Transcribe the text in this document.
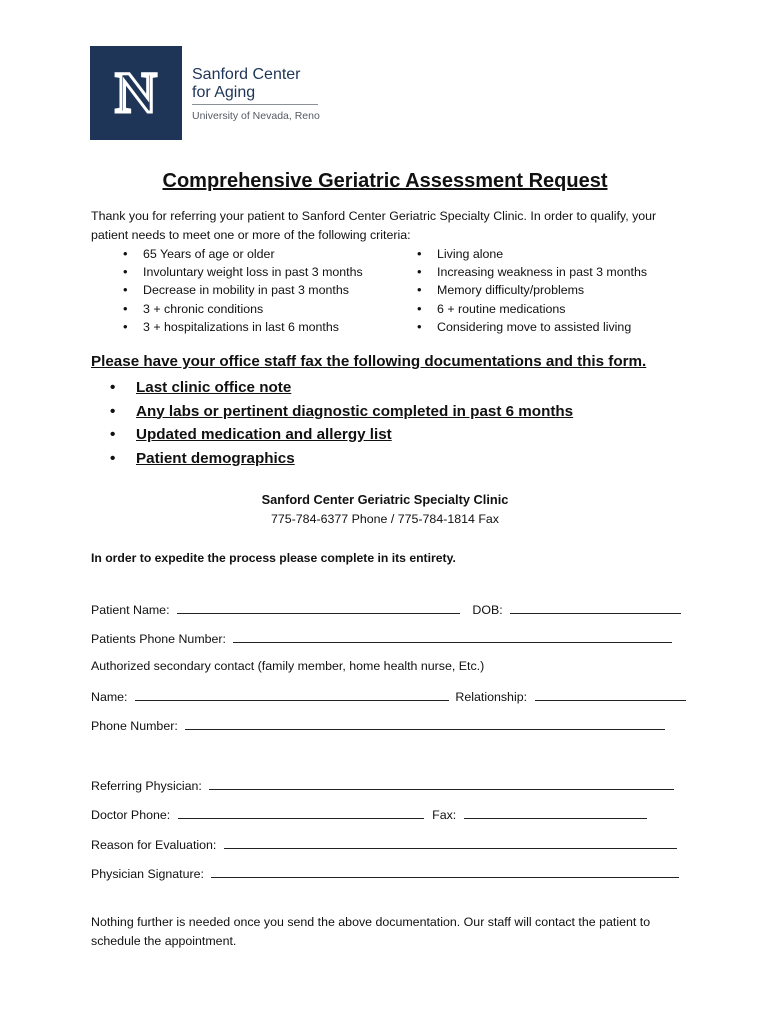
N	Sanford Center
for Aging
University of Nevada, Reno
Comprehensive Geriatric Assessment Request
Thank you for referring your patient to Sanford Center Geriatric Specialty Clinic. In order to qualify, your patient needs to meet one or more of the following criteria:
• 65 Years of age or older
• Involuntary weight loss in past 3 months
• Decrease in mobility in past 3 months
• 3 + chronic conditions
• 3 + hospitalizations in last 6 months
• Living alone
• Increasing weakness in past 3 months
• Memory difficulty/problems
• 6 + routine medications
• Considering move to assisted living
Please have your office staff fax the following documentations and this form.
• Last clinic office note
• Any labs or pertinent diagnostic completed in past 6 months
• Updated medication and allergy list
• Patient demographics
Sanford Center Geriatric Specialty Clinic
775-784-6377 Phone / 775-784-1814 Fax
In order to expedite the process please complete in its entirety.
Patient Name:	DOB:
Patients Phone Number:
Authorized secondary contact (family member, home health nurse, Etc.)
Name:	Relationship:
Phone Number:
Referring Physician:
Doctor Phone:	Fax:
Reason for Evaluation:
Physician Signature:
Nothing further is needed once you send the above documentation. Our staff will contact the patient to schedule the appointment.
